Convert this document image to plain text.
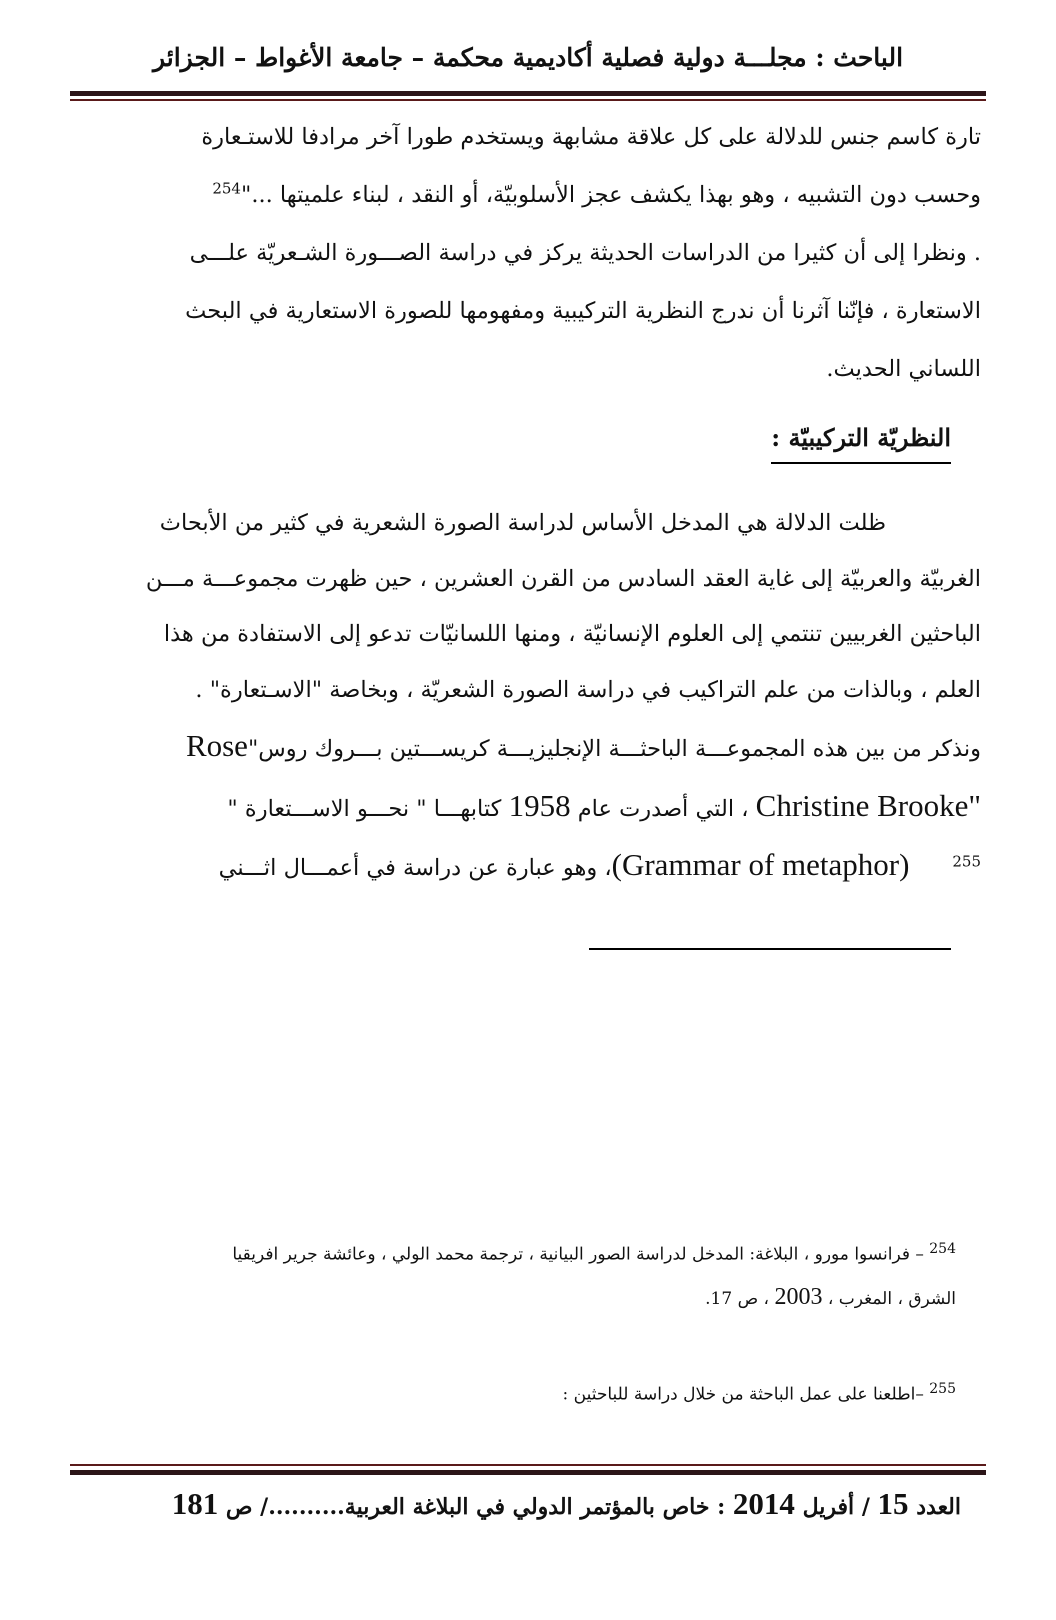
الباحث : مجلـــة دولية فصلية أكاديمية محكمة – جامعة الأغواط – الجزائر

تارة كاسم جنس للدلالة على كل علاقة مشابهة ويستخدم طورا آخر مرادفا للاستـعارة

وحسب دون التشبيه ، وهو بهذا يكشف عجز الأسلوبيّة، أو النقد ، لبناء علميتها ..."$^{254}$

. ونظرا إلى أن كثيرا من الدراسات الحديثة يركز في دراسة الصـــورة الشـعريّة علـــى

الاستعارة ، فإنّنا آثرنا أن ندرج النظرية التركيبية ومفهومها للصورة الاستعارية في البحث

اللساني الحديث.

النظريّة التركيبيّة :

ظلت الدلالة هي المدخل الأساس لدراسة الصورة الشعرية في كثير من الأبحاث

الغربيّة والعربيّة إلى غاية العقد السادس من القرن العشرين ، حين ظهرت مجموعـــة مـــن

الباحثين الغربيين تنتمي إلى العلوم الإنسانيّة ، ومنها اللسانيّات تدعو إلى الاستفادة من هذا

العلم ، وبالذات من علم التراكيب في دراسة الصورة الشعريّة ، وبخاصة "الاسـتعارة" .

ونذكر من بين هذه المجموعـــة الباحثـــة الإنجليزيـــة كريســـتين بـــروك روس"Rose

Christine Brooke" ، التي أصدرت عام 1958 كتابهـــا " نحـــو الاســـتعارة "

(Grammar of metaphor)	$^{255}$، وهو عبارة عن دراسة في أعمـــال اثـــني

$^{254}$ – فرانسوا مورو ، البلاغة: المدخل لدراسة الصور البيانية ، ترجمة محمد الولي ، وعائشة جرير افريقيا
الشرق ، المغرب ، 2003 ، ص 17.
$^{255}$ –اطلعنا على عمل الباحثة من خلال دراسة للباحثين :
العدد 15 / أفريل 2014 : خاص بالمؤتمر الدولي في البلاغة العربية........../ ص 181
